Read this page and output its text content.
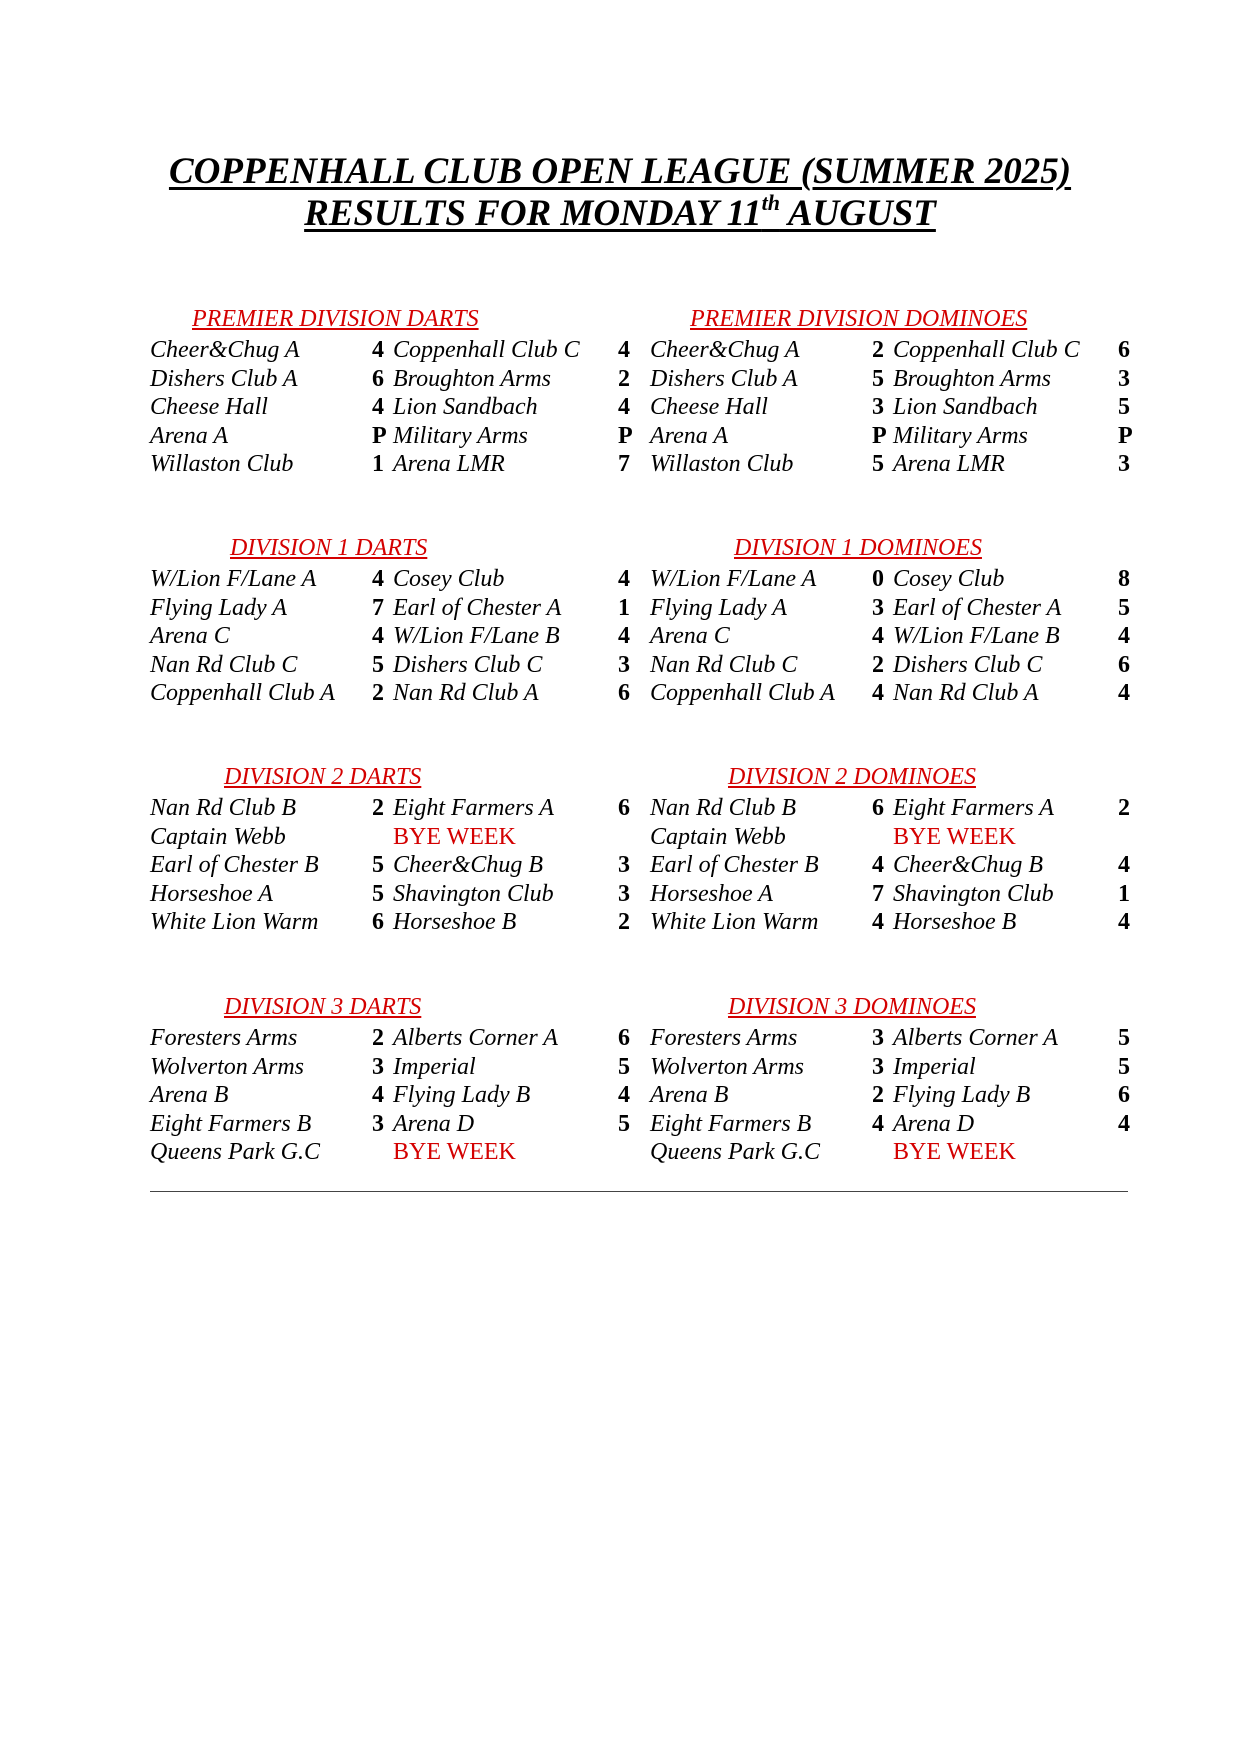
COPPENHALL CLUB OPEN LEAGUE (SUMMER 2025)
RESULTS FOR MONDAY 11th AUGUST
PREMIER DIVISION DARTS
Cheer&Chug A	4 Coppenhall Club C 4
Dishers Club A	6 Broughton Arms	2
Cheese Hall	4 Lion Sandbach	4
Arena A	P Military Arms	P
Willaston Club	1 Arena LMR	7
PREMIER DIVISION DOMINOES
Cheer&Chug A	2 Coppenhall Club C 6
Dishers Club A	5 Broughton Arms	3
Cheese Hall	3 Lion Sandbach	5
Arena A	P Military Arms	P
Willaston Club	5 Arena LMR	3
DIVISION 1 DARTS
W/Lion F/Lane A 4 Cosey Club	4
Flying Lady A	7 Earl of Chester A 1
Arena C	4 W/Lion F/Lane B 4
Nan Rd Club C	5 Dishers Club C	3
Coppenhall Club A 2 Nan Rd Club A	6
DIVISION 1 DOMINOES
W/Lion F/Lane A 0 Cosey Club	8
Flying Lady A	3 Earl of Chester A 5
Arena C	4 W/Lion F/Lane B 4
Nan Rd Club C	2 Dishers Club C	6
Coppenhall Club A 4 Nan Rd Club A	4
DIVISION 2 DARTS
Nan Rd Club B	2 Eight Farmers A	6
Captain Webb	BYE WEEK
Earl of Chester B 5 Cheer&Chug B	3
Horseshoe A	5 Shavington Club	3
White Lion Warm 6 Horseshoe B	2
DIVISION 2 DOMINOES
Nan Rd Club B	6 Eight Farmers A	2
Captain Webb	BYE WEEK
Earl of Chester B 4 Cheer&Chug B	4
Horseshoe A	7 Shavington Club	1
White Lion Warm 4 Horseshoe B	4
DIVISION 3 DARTS
Foresters Arms	2 Alberts Corner A	6
Wolverton Arms	3 Imperial	5
Arena B	4 Flying Lady B	4
Eight Farmers B	3 Arena D	5
Queens Park G.C	BYE WEEK
DIVISION 3 DOMINOES
Foresters Arms	3 Alberts Corner A	5
Wolverton Arms	3 Imperial	5
Arena B	2 Flying Lady B	6
Eight Farmers B	4 Arena D	4
Queens Park G.C	BYE WEEK
